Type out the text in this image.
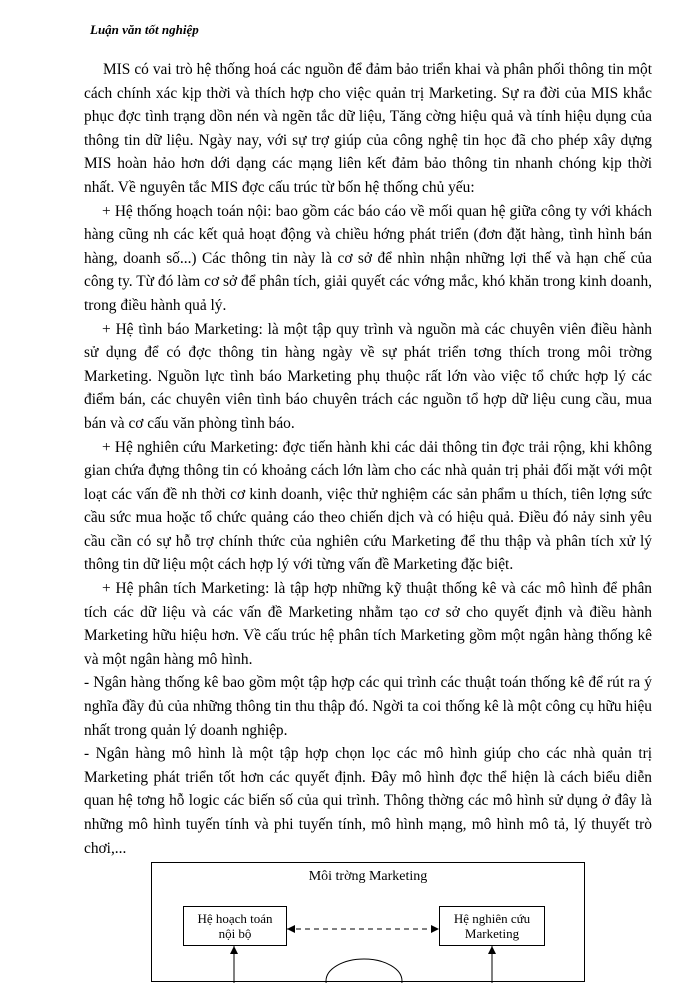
Luận văn tốt nghiệp

MIS có vai trò hệ thống hoá các nguồn để đảm bảo triển khai và phân phối thông tin một cách chính xác kịp thời và thích hợp cho việc quản trị Marketing. Sự ra đời của MIS khắc phục đợc tình trạng dồn nén và ngẽn tắc dữ liệu, Tăng cờng hiệu quả và tính hiệu dụng của thông tin dữ liệu. Ngày nay, với sự trợ giúp của công nghệ tin học đã cho phép xây dựng MIS hoàn hảo hơn dới dạng các mạng liên kết đảm bảo thông tin nhanh chóng kịp thời nhất. Về nguyên tắc MIS đợc cấu trúc từ bốn hệ thống chủ yếu:

+ Hệ thống hoạch toán nội: bao gồm các báo cáo về mối quan hệ giữa công ty với khách hàng cũng nh các kết quả hoạt động và chiều hớng phát triển (đơn đặt hàng, tình hình bán hàng, doanh số...) Các thông tin này là cơ sở để nhìn nhận những lợi thế và hạn chế của công ty. Từ đó làm cơ sở để phân tích, giải quyết các vớng mắc, khó khăn trong kinh doanh, trong điều hành quả lý.

+ Hệ tình báo Marketing: là một tập quy trình và nguồn mà các chuyên viên điều hành sử dụng để có đợc thông tin hàng ngày về sự phát triển tơng thích trong môi trờng Marketing. Nguồn lực tình báo Marketing phụ thuộc rất lớn vào việc tổ chức hợp lý các điểm bán, các chuyên viên tình báo chuyên trách các nguồn tổ hợp dữ liệu cung cầu, mua bán và cơ cấu văn phòng tình báo.

+ Hệ nghiên cứu Marketing: đợc tiến hành khi các dải thông tin đợc trải rộng, khi không gian chứa đựng thông tin có khoảng cách lớn làm cho các nhà quản trị phải đối mặt với một loạt các vấn đề nh thời cơ kinh doanh, việc thử nghiệm các sản phẩm u thích, tiên lợng sức cầu sức mua hoặc tổ chức quảng cáo theo chiến dịch và có hiệu quả. Điều đó nảy sinh yêu cầu cần có sự hỗ trợ chính thức của nghiên cứu Marketing để thu thập và phân tích xử lý thông tin dữ liệu một cách hợp lý với từng vấn đề Marketing đặc biệt.

+ Hệ phân tích Marketing: là tập hợp những kỹ thuật thống kê và các mô hình để phân tích các dữ liệu và các vấn đề Marketing nhằm tạo cơ sở cho quyết định và điều hành Marketing hữu hiệu hơn. Về cấu trúc hệ phân tích Marketing gồm một ngân hàng thống kê và một ngân hàng mô hình.

- Ngân hàng thống kê bao gồm một tập hợp các qui trình các thuật toán thống kê để rút ra ý nghĩa đầy đủ của những thông tin thu thập đó. Ngời ta coi thống kê là một công cụ hữu hiệu nhất trong quản lý doanh nghiệp.

- Ngân hàng mô hình là một tập hợp chọn lọc các mô hình giúp cho các nhà quản trị Marketing phát triển tốt hơn các quyết định. Đây mô hình đợc thể hiện là cách biểu diễn quan hệ tơng hỗ logic các biến số của qui trình. Thông thờng các mô hình sử dụng ở đây là những mô hình tuyến tính và phi tuyến tính, mô hình mạng, mô hình mô tả, lý thuyết trò chơi,...

Môi trờng Marketing
Hệ hoạch toán
nội bộ
Hệ nghiên cứu
Marketing
